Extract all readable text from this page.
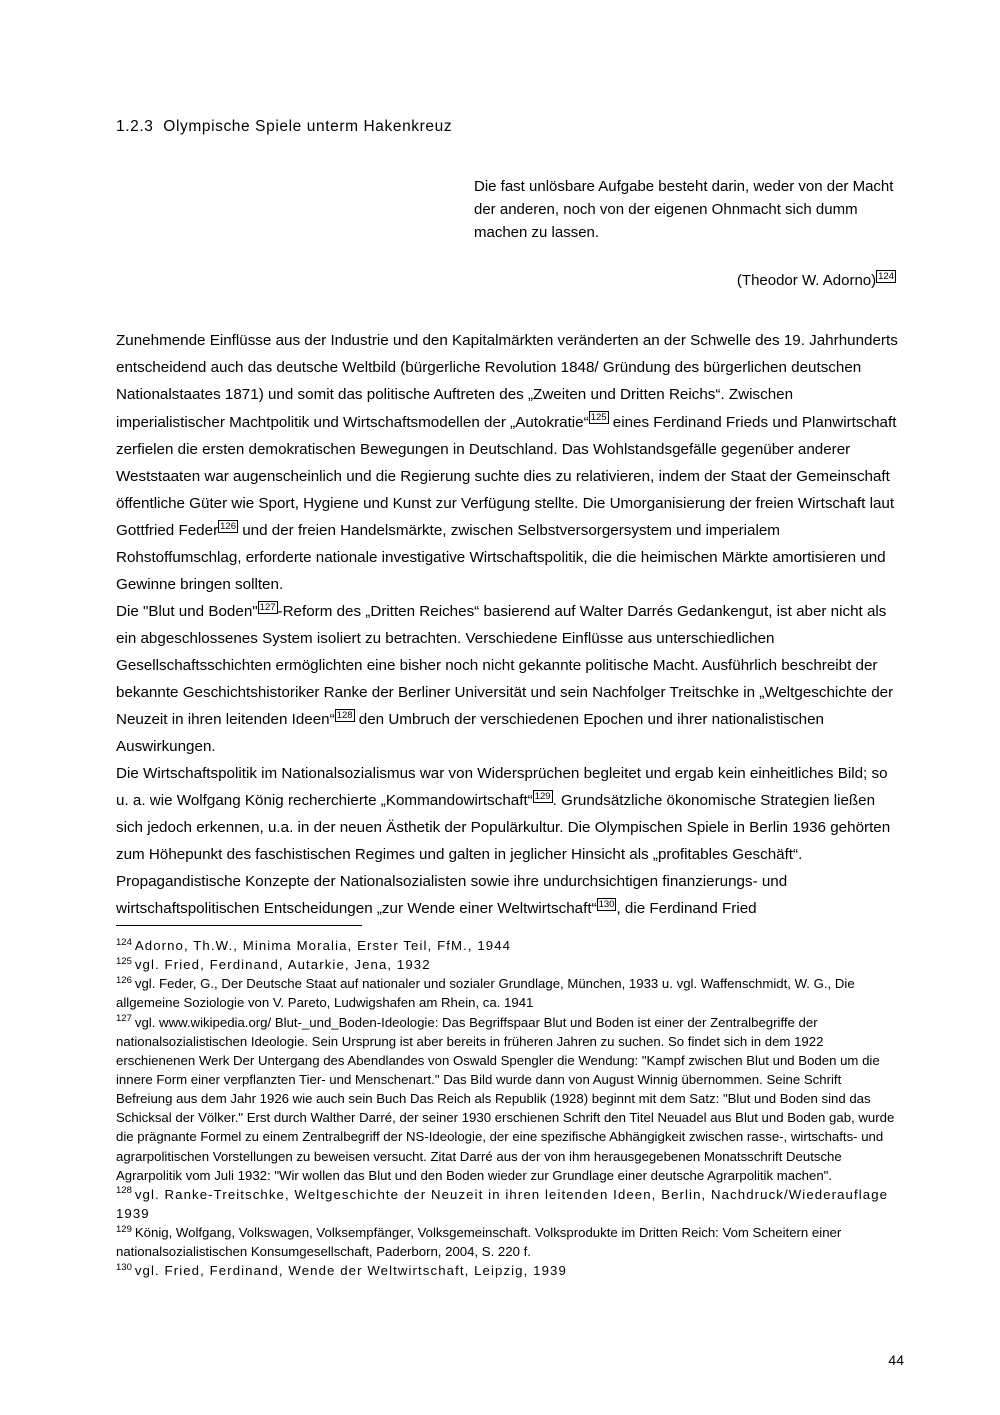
1.2.3  Olympische Spiele unterm Hakenkreuz
Die fast unlösbare Aufgabe besteht darin, weder von der Macht der anderen, noch von der eigenen Ohnmacht sich dumm machen zu lassen.
(Theodor W. Adorno) 124

Zunehmende Einflüsse aus der Industrie und den Kapitalmärkten veränderten an der Schwelle des 19. Jahrhunderts entscheidend auch das deutsche Weltbild (bürgerliche Revolution 1848/ Gründung des bürgerlichen deutschen Nationalstaates 1871) und somit das politische Auftreten des „Zweiten und Dritten Reichs“. Zwischen imperialistischer Machtpolitik und Wirtschaftsmodellen der „Autokratie“ 125 eines Ferdinand Frieds und Planwirtschaft zerfielen die ersten demokratischen Bewegungen in Deutschland. Das Wohlstandsgefälle gegenüber anderer Weststaaten war augenscheinlich und die Regierung suchte dies zu relativieren, indem der Staat der Gemeinschaft öffentliche Güter wie Sport, Hygiene und Kunst zur Verfügung stellte. Die Umorganisierung der freien Wirtschaft laut Gottfried Feder 126 und der freien Handelsmärkte, zwischen Selbstversorgersystem und imperialem Rohstoffumschlag, erforderte nationale investigative Wirtschaftspolitik, die die heimischen Märkte amortisieren und Gewinne bringen sollten.

Die "Blut und Boden" 127 -Reform des „Dritten Reiches“ basierend auf Walter Darrés Gedankengut, ist aber nicht als ein abgeschlossenes System isoliert zu betrachten. Verschiedene Einflüsse aus unterschiedlichen Gesellschaftsschichten ermöglichten eine bisher noch nicht gekannte politische Macht. Ausführlich beschreibt der bekannte Geschichtshistoriker Ranke der Berliner Universität und sein Nachfolger Treitschke in „Weltgeschichte der Neuzeit in ihren leitenden Ideen“ 128 den Umbruch der verschiedenen Epochen und ihrer nationalistischen Auswirkungen.

Die Wirtschaftspolitik im Nationalsozialismus war von Widersprüchen begleitet und ergab kein einheitliches Bild; so u. a. wie Wolfgang König recherchierte „Kommandowirtschaft“ 129 . Grundsätzliche ökonomische Strategien ließen sich jedoch erkennen, u.a. in der neuen Ästhetik der Populärkultur. Die Olympischen Spiele in Berlin 1936 gehörten zum Höhepunkt des faschistischen Regimes und galten in jeglicher Hinsicht als „profitables Geschäft“.

Propagandistische Konzepte der Nationalsozialisten sowie ihre undurchsichtigen finanzierungs- und wirtschaftspolitischen Entscheidungen „zur Wende einer Weltwirtschaft“ 130 , die Ferdinand Fried

$^{124}$ Adorno, Th.W., Minima Moralia, Erster Teil, FfM., 1944
$^{125}$ vgl. Fried, Ferdinand, Autarkie, Jena, 1932
$^{126}$ vgl. Feder, G., Der Deutsche Staat auf nationaler und sozialer Grundlage, München, 1933 u. vgl. Waffenschmidt, W. G., Die allgemeine Soziologie von V. Pareto, Ludwigshafen am Rhein, ca. 1941
$^{127}$ vgl. www.wikipedia.org/ Blut-_und_Boden-Ideologie: Das Begriffspaar Blut und Boden ist einer der Zentralbegriffe der nationalsozialistischen Ideologie. Sein Ursprung ist aber bereits in früheren Jahren zu suchen. So findet sich in dem 1922 erschienenen Werk Der Untergang des Abendlandes von Oswald Spengler die Wendung: "Kampf zwischen Blut und Boden um die innere Form einer verpflanzten Tier- und Menschenart." Das Bild wurde dann von August Winnig übernommen. Seine Schrift Befreiung aus dem Jahr 1926 wie auch sein Buch Das Reich als Republik (1928) beginnt mit dem Satz: "Blut und Boden sind das Schicksal der Völker." Erst durch Walther Darré, der seiner 1930 erschienen Schrift den Titel Neuadel aus Blut und Boden gab, wurde die prägnante Formel zu einem Zentralbegriff der NS-Ideologie, der eine spezifische Abhängigkeit zwischen rasse-, wirtschafts- und agrarpolitischen Vorstellungen zu beweisen versucht. Zitat Darré aus der von ihm herausgegebenen Monatsschrift Deutsche Agrarpolitik vom Juli 1932: "Wir wollen das Blut und den Boden wieder zur Grundlage einer deutsche Agrarpolitik machen".
$^{128}$ vgl. Ranke-Treitschke, Weltgeschichte der Neuzeit in ihren leitenden Ideen, Berlin, Nachdruck/Wiederauflage 1939
$^{129}$ König, Wolfgang, Volkswagen, Volksempfänger, Volksgemeinschaft. Volksprodukte im Dritten Reich: Vom Scheitern einer nationalsozialistischen Konsumgesellschaft, Paderborn, 2004, S. 220 f.
$^{130}$ vgl. Fried, Ferdinand, Wende der Weltwirtschaft, Leipzig, 1939
44
